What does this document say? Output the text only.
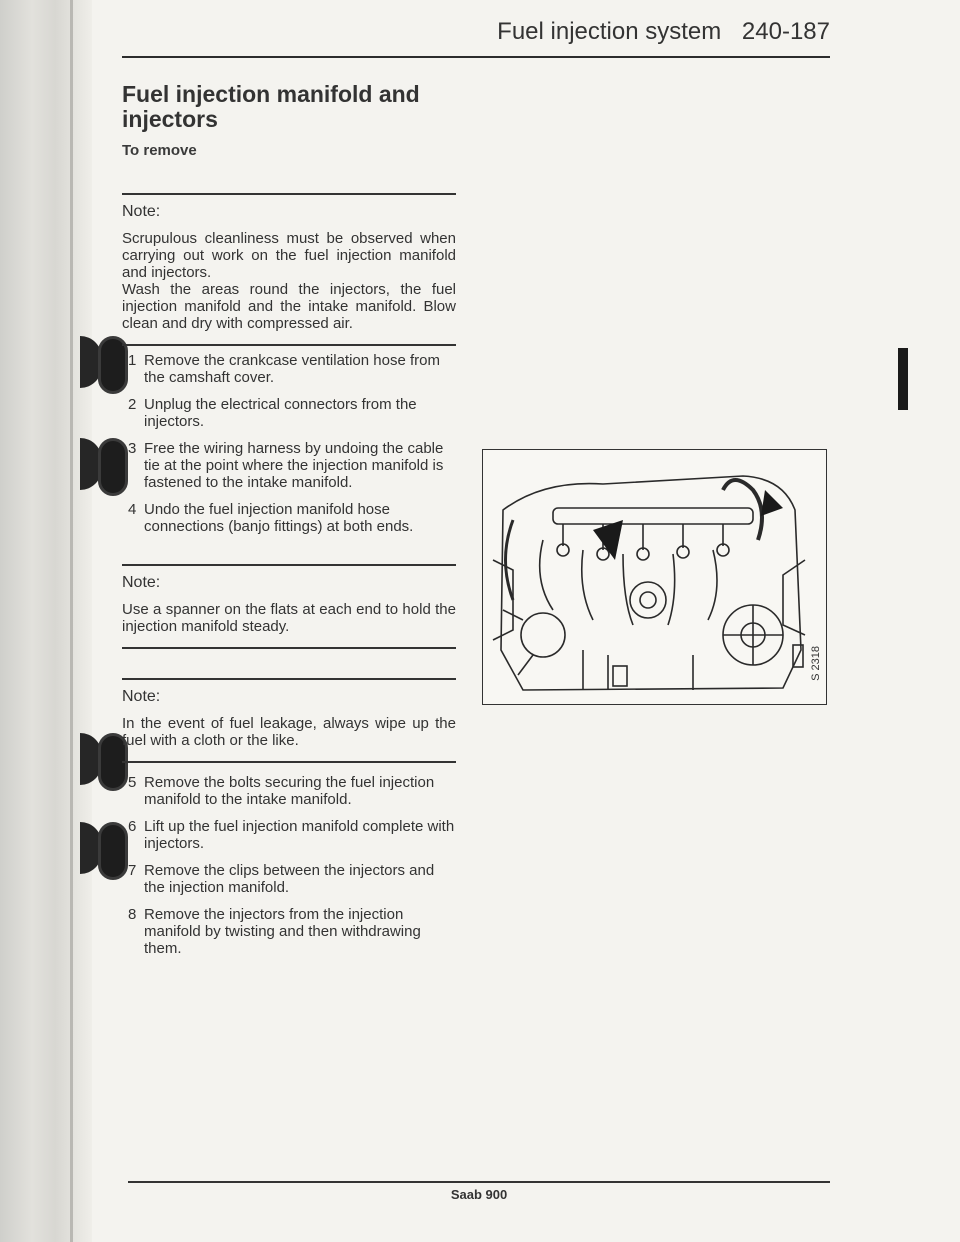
Fuel injection system 240-187
Fuel injection manifold and injectors
To remove
Note:

Scrupulous cleanliness must be observed when carrying out work on the fuel injection manifold and injectors.

Wash the areas round the injectors, the fuel injection manifold and the intake manifold. Blow clean and dry with compressed air.

1 Remove the crankcase ventilation hose from the camshaft cover.
2 Unplug the electrical connectors from the injectors.
3 Free the wiring harness by undoing the cable tie at the point where the injection manifold is fastened to the intake manifold.
4 Undo the fuel injection manifold hose connections (banjo fittings) at both ends.
Note:

Use a spanner on the flats at each end to hold the injection manifold steady.

Note:

In the event of fuel leakage, always wipe up the fuel with a cloth or the like.

5 Remove the bolts securing the fuel injection manifold to the intake manifold.
6 Lift up the fuel injection manifold complete with injectors.
7 Remove the clips between the injectors and the injection manifold.
8 Remove the injectors from the injection manifold by twisting and then withdrawing them.
S 2318
Saab 900
